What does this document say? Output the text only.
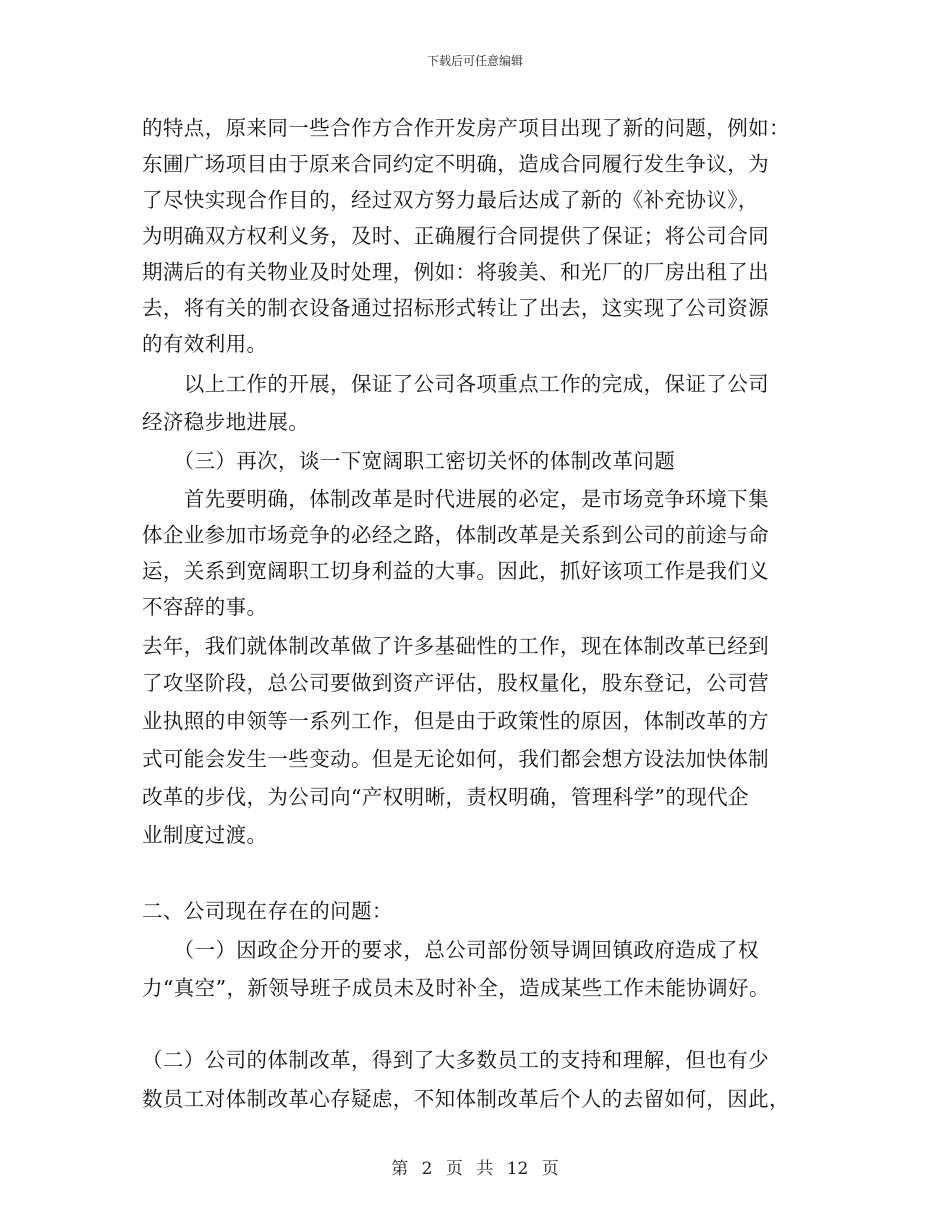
下载后可任意编辑
的特点，原来同一些合作方合作开发房产项目出现了新的问题，例如：
东圃广场项目由于原来合同约定不明确，造成合同履行发生争议，为
了尽快实现合作目的，经过双方努力最后达成了新的《补充协议》，
为明确双方权利义务，及时、正确履行合同提供了保证；将公司合同
期满后的有关物业及时处理，例如：将骏美、和光厂的厂房出租了出
去，将有关的制衣设备通过招标形式转让了出去，这实现了公司资源
的有效利用。
　　以上工作的开展，保证了公司各项重点工作的完成，保证了公司
经济稳步地进展。
　　（三）再次，谈一下宽阔职工密切关怀的体制改革问题
　　首先要明确，体制改革是时代进展的必定，是市场竞争环境下集
体企业参加市场竞争的必经之路，体制改革是关系到公司的前途与命
运，关系到宽阔职工切身利益的大事。因此，抓好该项工作是我们义
不容辞的事。
去年，我们就体制改革做了许多基础性的工作，现在体制改革已经到
了攻坚阶段，总公司要做到资产评估，股权量化，股东登记，公司营
业执照的申领等一系列工作，但是由于政策性的原因，体制改革的方
式可能会发生一些变动。但是无论如何，我们都会想方设法加快体制
改革的步伐，为公司向“产权明晰，责权明确，管理科学”的现代企
业制度过渡。
二、公司现在存在的问题：
　　（一）因政企分开的要求，总公司部份领导调回镇政府造成了权
力“真空”，新领导班子成员未及时补全，造成某些工作未能协调好。
（二）公司的体制改革，得到了大多数员工的支持和理解，但也有少
数员工对体制改革心存疑虑，不知体制改革后个人的去留如何，因此，
第 2 页 共 12 页
